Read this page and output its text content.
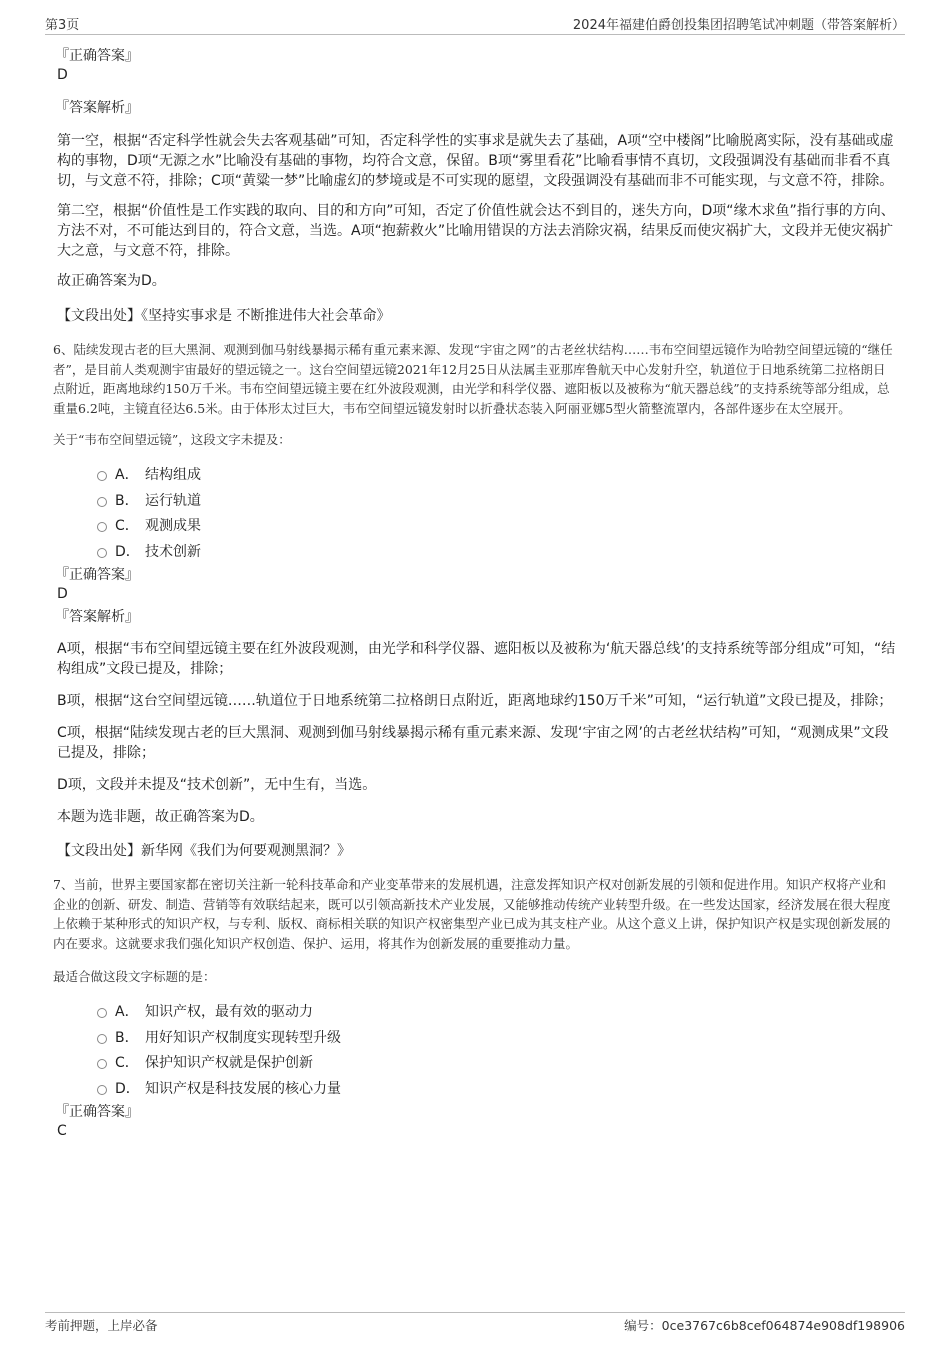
第3页	2024年福建伯爵创投集团招聘笔试冲刺题（带答案解析）

『正确答案』

D

『答案解析』

第一空，根据“否定科学性就会失去客观基础”可知，否定科学性的实事求是就失去了基础，A项“空中楼阁”比喻脱离实际，没有基础或虚构的事物，D项“无源之水”比喻没有基础的事物，均符合文意，保留。B项“雾里看花”比喻看事情不真切，文段强调没有基础而非看不真切，与文意不符，排除；C项“黄粱一梦”比喻虚幻的梦境或是不可实现的愿望，文段强调没有基础而非不可能实现，与文意不符，排除。

第二空，根据“价值性是工作实践的取向、目的和方向”可知，否定了价值性就会达不到目的，迷失方向，D项“缘木求鱼”指行事的方向、方法不对，不可能达到目的，符合文意，当选。A项“抱薪救火”比喻用错误的方法去消除灾祸，结果反而使灾祸扩大，文段并无使灾祸扩大之意，与文意不符，排除。

故正确答案为D。

【文段出处】《坚持实事求是 不断推进伟大社会革命》

6、陆续发现古老的巨大黑洞、观测到伽马射线暴揭示稀有重元素来源、发现“宇宙之网”的古老丝状结构……韦布空间望远镜作为哈勃空间望远镜的“继任者”，是目前人类观测宇宙最好的望远镜之一。这台空间望远镜2021年12月25日从法属圭亚那库鲁航天中心发射升空，轨道位于日地系统第二拉格朗日点附近，距离地球约150万千米。韦布空间望远镜主要在红外波段观测，由光学和科学仪器、遮阳板以及被称为“航天器总线”的支持系统等部分组成，总重量6.2吨，主镜直径达6.5米。由于体形太过巨大，韦布空间望远镜发射时以折叠状态装入阿丽亚娜5型火箭整流罩内，各部件逐步在太空展开。

关于“韦布空间望远镜”，这段文字未提及：

A． 结构组成
B． 运行轨道
C． 观测成果
D． 技术创新

『正确答案』

D

『答案解析』

A项，根据“韦布空间望远镜主要在红外波段观测，由光学和科学仪器、遮阳板以及被称为‘航天器总线’的支持系统等部分组成”可知，“结构组成”文段已提及，排除；

B项，根据“这台空间望远镜……轨道位于日地系统第二拉格朗日点附近，距离地球约150万千米”可知，“运行轨道”文段已提及，排除；

C项，根据“陆续发现古老的巨大黑洞、观测到伽马射线暴揭示稀有重元素来源、发现‘宇宙之网’的古老丝状结构”可知，“观测成果”文段已提及，排除；

D项，文段并未提及“技术创新”，无中生有，当选。

本题为选非题，故正确答案为D。

【文段出处】新华网《我们为何要观测黑洞？》

7、当前，世界主要国家都在密切关注新一轮科技革命和产业变革带来的发展机遇，注意发挥知识产权对创新发展的引领和促进作用。知识产权将产业和企业的创新、研发、制造、营销等有效联结起来，既可以引领高新技术产业发展，又能够推动传统产业转型升级。在一些发达国家，经济发展在很大程度上依赖于某种形式的知识产权，与专利、版权、商标相关联的知识产权密集型产业已成为其支柱产业。从这个意义上讲，保护知识产权是实现创新发展的内在要求。这就要求我们强化知识产权创造、保护、运用，将其作为创新发展的重要推动力量。

最适合做这段文字标题的是：

A． 知识产权，最有效的驱动力
B． 用好知识产权制度实现转型升级
C． 保护知识产权就是保护创新
D． 知识产权是科技发展的核心力量

『正确答案』

C

考前押题，上岸必备	编号：0ce3767c6b8cef064874e908df198906
